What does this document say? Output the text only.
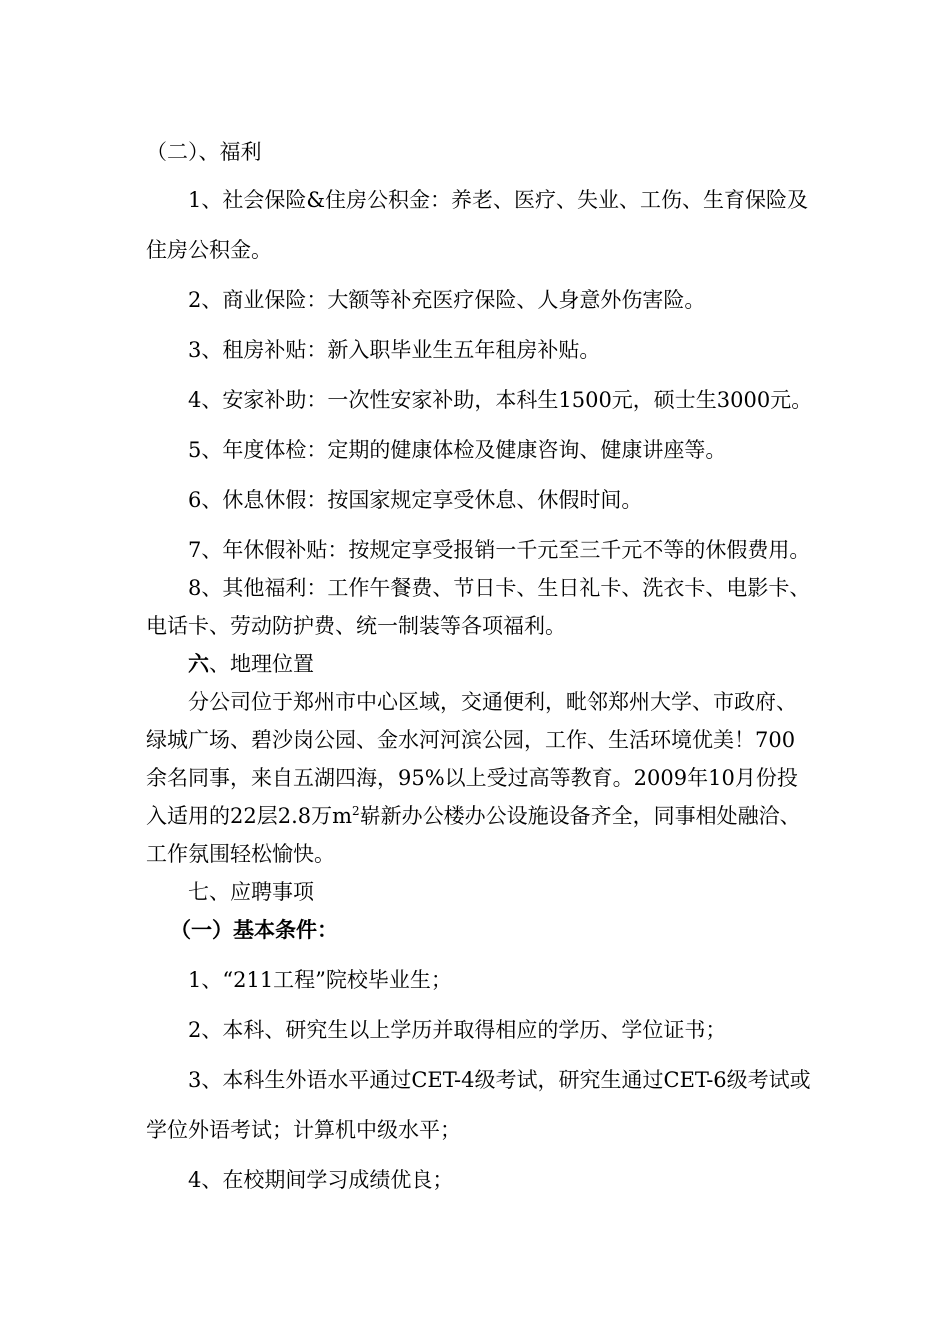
（二）、福利
1、社会保险&住房公积金：养老、医疗、失业、工伤、生育保险及
住房公积金。
2、商业保险：大额等补充医疗保险、人身意外伤害险。
3、租房补贴：新入职毕业生五年租房补贴。
4、安家补助：一次性安家补助，本科生1500元，硕士生3000元。
5、年度体检：定期的健康体检及健康咨询、健康讲座等。
6、休息休假：按国家规定享受休息、休假时间。
7、年休假补贴：按规定享受报销一千元至三千元不等的休假费用。
8、其他福利：工作午餐费、节日卡、生日礼卡、洗衣卡、电影卡、
电话卡、劳动防护费、统一制装等各项福利。
六、地理位置
分公司位于郑州市中心区域，交通便利，毗邻郑州大学、市政府、
绿城广场、碧沙岗公园、金水河河滨公园，工作、生活环境优美！700
余名同事，来自五湖四海，95%以上受过高等教育。2009年10月份投
入适用的22层2.8万$m^2$崭新办公楼办公设施设备齐全，同事相处融洽、
工作氛围轻松愉快。
七、应聘事项
（一）基本条件：
1、“211工程”院校毕业生；
2、本科、研究生以上学历并取得相应的学历、学位证书；
3、本科生外语水平通过CET-4级考试，研究生通过CET-6级考试或
学位外语考试；计算机中级水平；
4、在校期间学习成绩优良；
